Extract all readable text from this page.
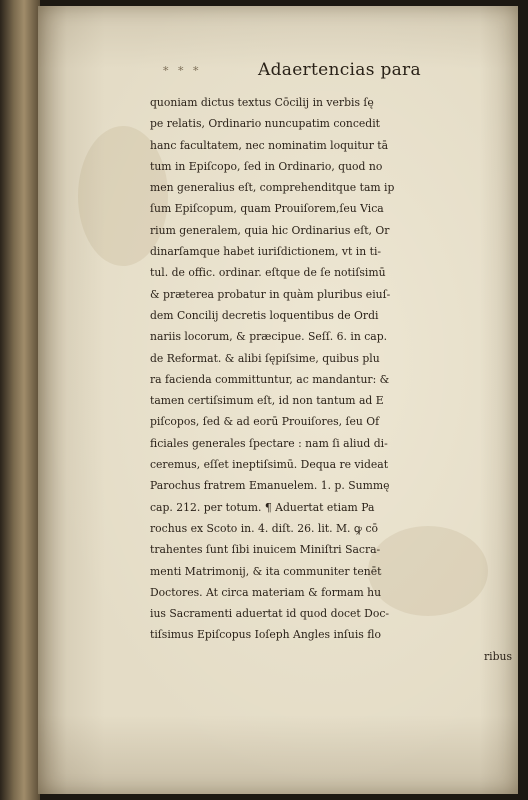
∗ ∗ ∗	Adaertencias para
quoniam dictus textus Cōcilij in verbis ſę
pe relatis, Ordinario nuncupatim concedit
hanc facultatem, nec nominatim loquitur tā
tum in Epiſcopo, ſed in Ordinario, quod no
men generalius eſt, comprehenditque tam ip
ſum Epiſcopum, quam Prouiſorem,ſeu Vica
rium generalem, quia hic Ordinarius eſt, Or
dinarſamque habet iuriſdictionem, vt in ti-
tul. de offic. ordinar. eſtque de ſe notiſsimū
& prætereа probatur in quàm pluribus eiuſ-
dem Concilij decretis loquentibus de Ordi
nariis locorum, & præcipue. Seſſ. 6. in cap.
de Reformat. & alibi ſępiſsime, quibus plu
ra facienda committuntur, ac mandantur: &
tamen certiſsimum eſt, id non tantum ad E
piſcopos, ſed & ad eorū Prouiſores, ſeu Of
ficiales generales ſpectare : nam ſi aliud di-
ceremus, eſſet ineptiſsimū. Dequa re videat
Parochus fratrem Emanuelem. 1. p. Summę
cap. 212. per totum. ¶ Aduertat etiam Pa
rochus ex Scoto in. 4. diſt. 26. lit. M. ꝙ cō
trahentes ſunt ſibi inuicem Miniſtri Sacra-
menti Matrimonij, & ita communiter tenēt
Doctores. At circa materiam & formam hu
ius Sacramenti aduertat id quod docet Doc-
tiſsimus Epiſcopus Ioſeph Angles inſuis flo
ribus
